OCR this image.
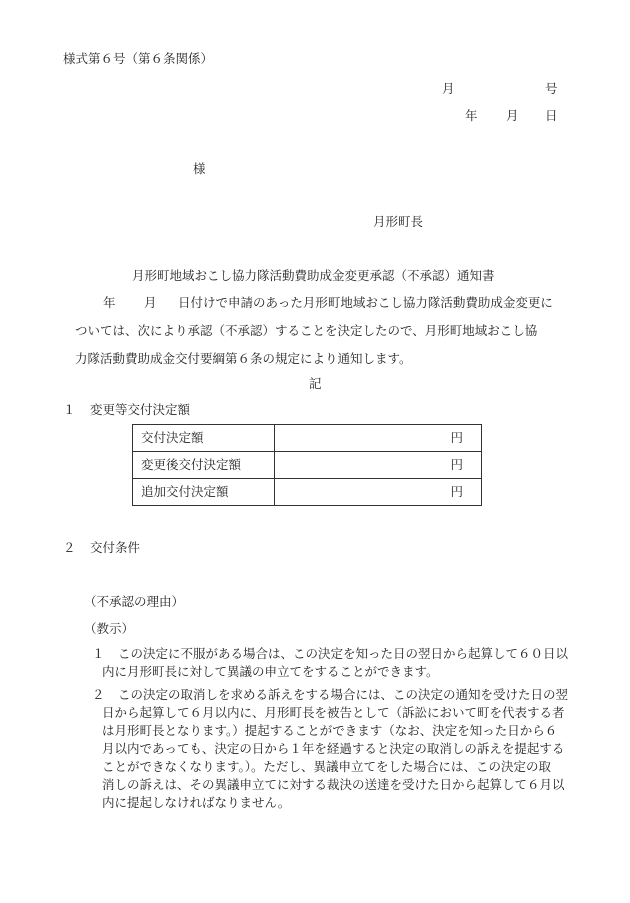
様式第６号（第６条関係）
月	号
年 月 日
様
月形町長
月形町地域おこし協力隊活動費助成金変更承認（不承認）通知書
年 月 日付けで申請のあった月形町地域おこし協力隊活動費助成金変更に
ついては、次により承認（不承認）することを決定したので、月形町地域おこし協
力隊活動費助成金交付要綱第６条の規定により通知します。
記
１ 変更等交付決定額
交付決定額	円
変更後交付決定額	円
追加交付決定額	円
２ 交付条件
（不承認の理由）
（教示）
１ この決定に不服がある場合は、この決定を知った日の翌日から起算して６０日以
内に月形町長に対して異議の申立てをすることができます。
２ この決定の取消しを求める訴えをする場合には、この決定の通知を受けた日の翌
日から起算して６月以内に、月形町長を被告として（訴訟において町を代表する者
は月形町長となります。）提起することができます（なお、決定を知った日から６
月以内であっても、決定の日から１年を経過すると決定の取消しの訴えを提起する
ことができなくなります。）。ただし、異議申立てをした場合には、この決定の取
消しの訴えは、その異議申立てに対する裁決の送達を受けた日から起算して６月以
内に提起しなければなりません。
